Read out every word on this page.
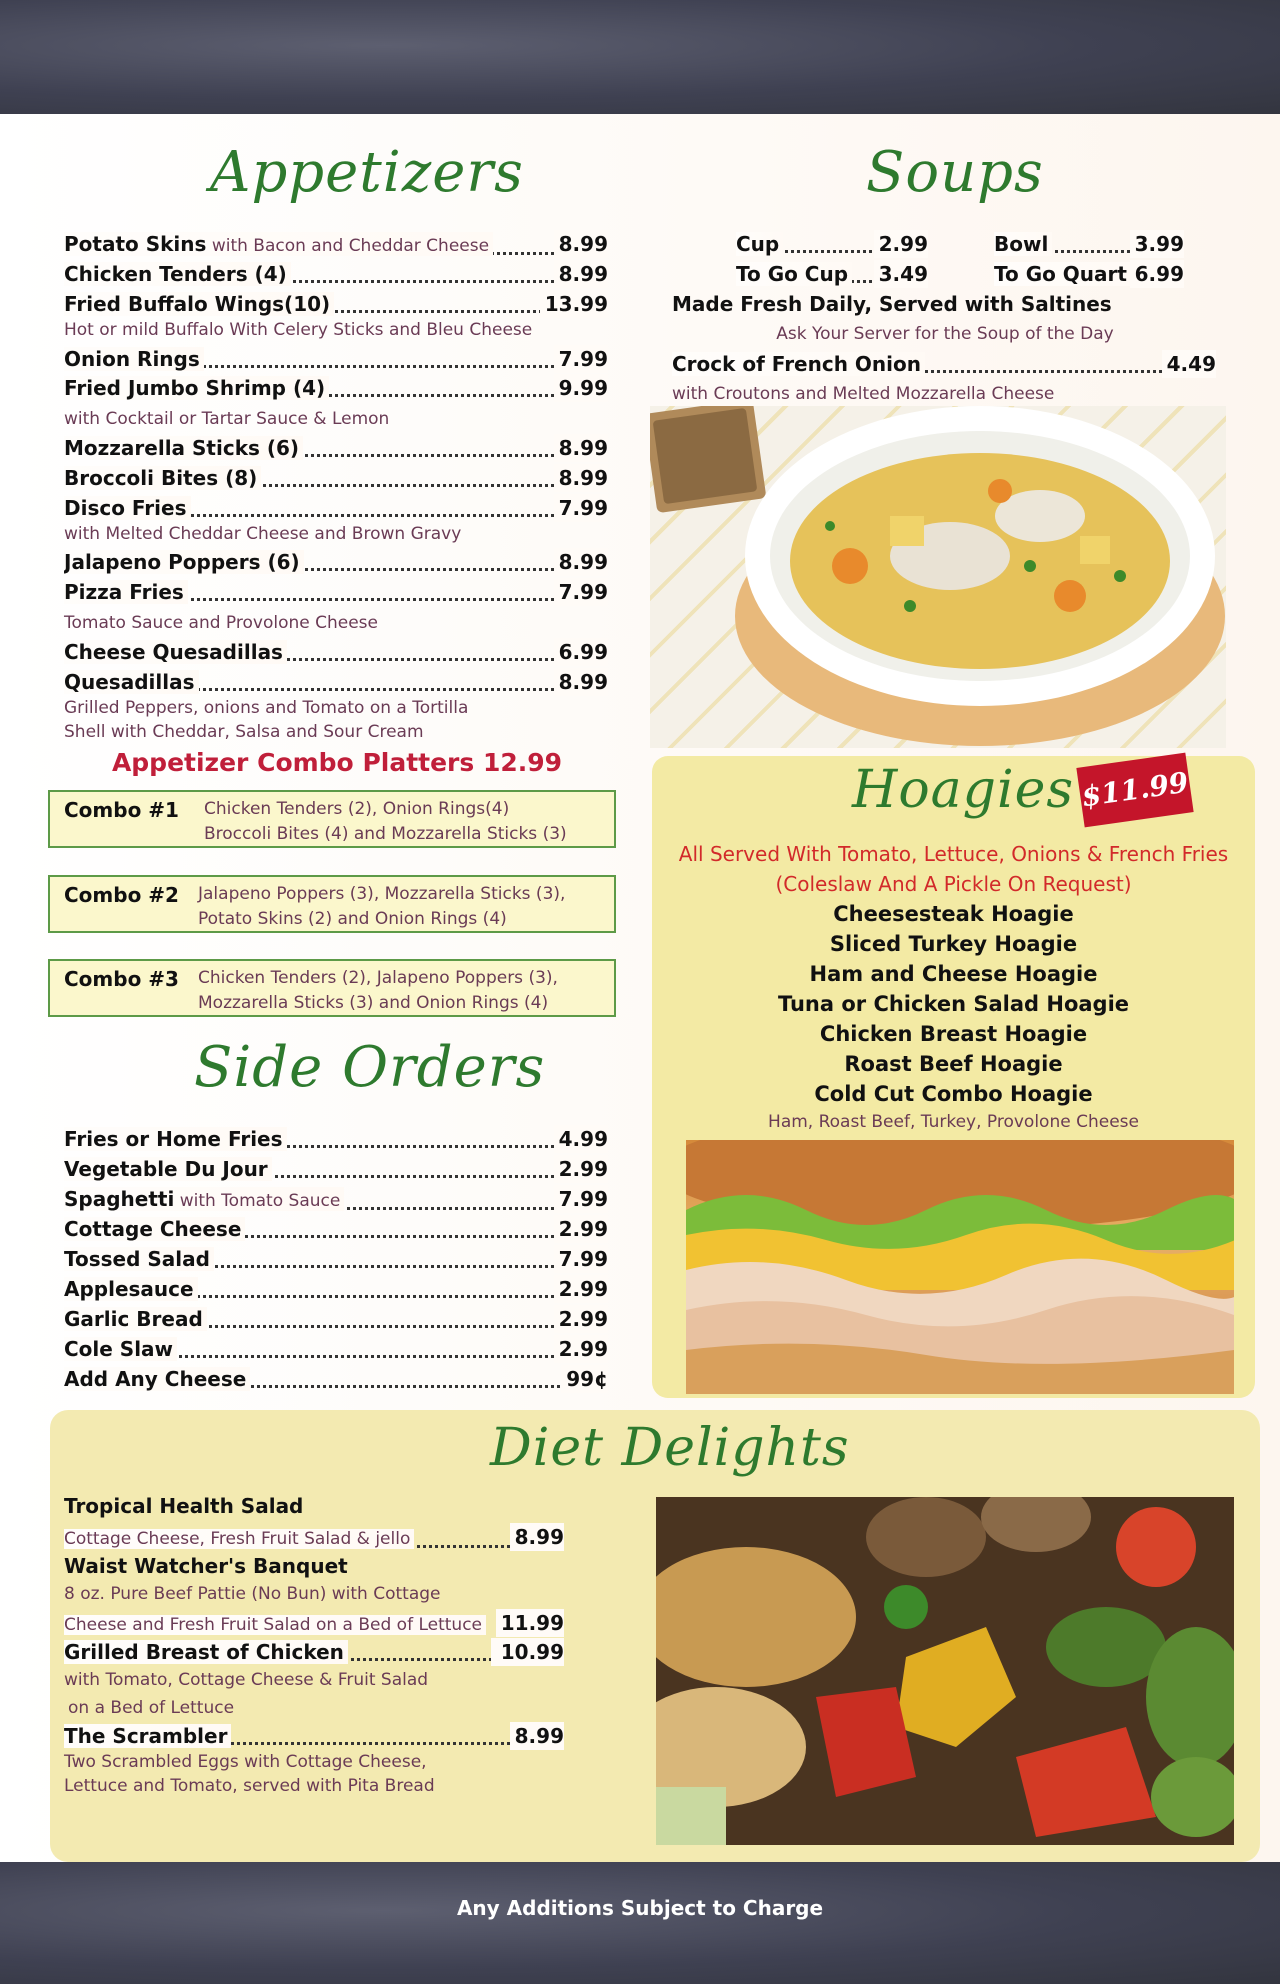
Appetizers
Potato Skins with Bacon and Cheddar Cheese	8.99
Chicken Tenders (4)	8.99
Fried Buffalo Wings(10)	13.99
Hot or mild Buffalo With Celery Sticks and Bleu Cheese
Onion Rings	7.99
Fried Jumbo Shrimp (4)	9.99
with Cocktail or Tartar Sauce & Lemon
Mozzarella Sticks (6)	8.99
Broccoli Bites (8)	8.99
Disco Fries	7.99
with Melted Cheddar Cheese and Brown Gravy
Jalapeno Poppers (6)	8.99
Pizza Fries	7.99
Tomato Sauce and Provolone Cheese
Cheese Quesadillas	6.99
Quesadillas	8.99
Grilled Peppers, onions and Tomato on a Tortilla
Shell with Cheddar, Salsa and Sour Cream
Appetizer Combo Platters 12.99
Combo #1 Chicken Tenders (2), Onion Rings(4)
Broccoli Bites (4) and Mozzarella Sticks (3)
Combo #2 Jalapeno Poppers (3), Mozzarella Sticks (3),
Potato Skins (2) and Onion Rings (4)
Combo #3 Chicken Tenders (2), Jalapeno Poppers (3),
Mozzarella Sticks (3) and Onion Rings (4)
Side Orders
Fries or Home Fries	4.99
Vegetable Du Jour	2.99
Spaghetti with Tomato Sauce	7.99
Cottage Cheese	2.99
Tossed Salad	7.99
Applesauce	2.99
Garlic Bread	2.99
Cole Slaw	2.99
Add Any Cheese	99¢
Soups
Cup	2.99	Bowl	3.99
To Go Cup 3.49	To Go Quart 6.99
Made Fresh Daily, Served with Saltines
Ask Your Server for the Soup of the Day
Crock of French Onion	4.49
with Croutons and Melted Mozzarella Cheese
Hoagies $11.99
All Served With Tomato, Lettuce, Onions & French Fries
(Coleslaw And A Pickle On Request)
Cheesesteak Hoagie
Sliced Turkey Hoagie
Ham and Cheese Hoagie
Tuna or Chicken Salad Hoagie
Chicken Breast Hoagie
Roast Beef Hoagie
Cold Cut Combo Hoagie
Ham, Roast Beef, Turkey, Provolone Cheese
Diet Delights
Tropical Health Salad
Cottage Cheese, Fresh Fruit Salad & jello	8.99
Waist Watcher's Banquet
8 oz. Pure Beef Pattie (No Bun) with Cottage
Cheese and Fresh Fruit Salad on a Bed of Lettuce 11.99
Grilled Breast of Chicken	10.99
with Tomato, Cottage Cheese & Fruit Salad
on a Bed of Lettuce
The Scrambler	8.99
Two Scrambled Eggs with Cottage Cheese,
Lettuce and Tomato, served with Pita Bread
Any Additions Subject to Charge
